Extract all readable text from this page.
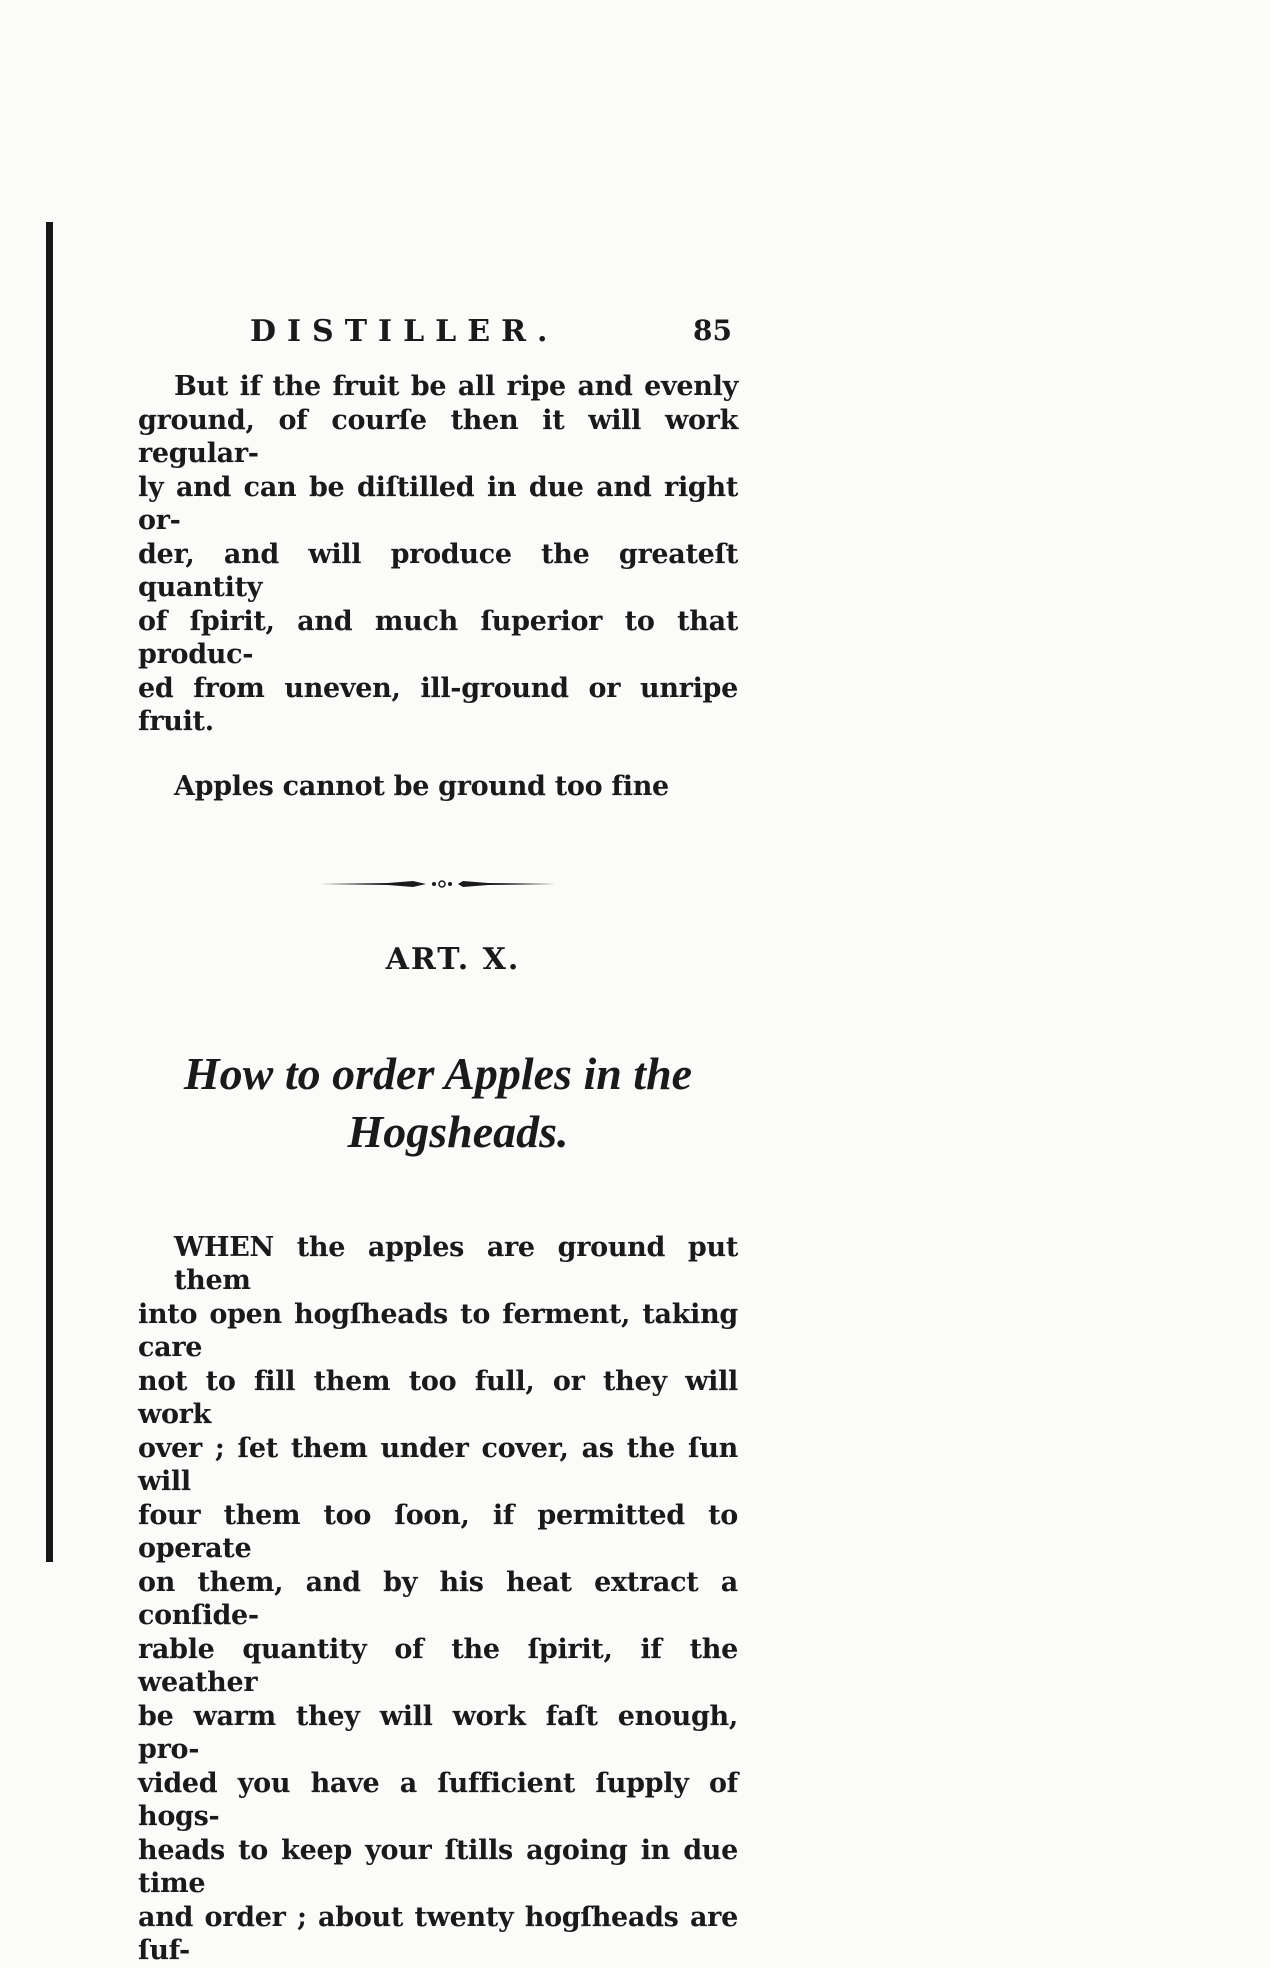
DISTILLER.	85

But if the fruit be all ripe and evenly
ground, of courſe then it will work regular-
ly and can be diſtilled in due and right or-
der, and will produce the greateſt quantity
of ſpirit, and much ſuperior to that produc-
ed from uneven, ill-ground or unripe fruit.

Apples cannot be ground too fine
ART. X.
How to order Apples in the
Hogsheads.

WHEN the apples are ground put them
into open hogſheads to ferment, taking care
not to fill them too full, or they will work
over ; ſet them under cover, as the ſun will
four them too ſoon, if permitted to operate
on them, and by his heat extract a conſide-
rable quantity of the ſpirit, if the weather
be warm they will work faſt enough, pro-
vided you have a ſufficient ſupply of hogs-
heads to keep your ſtills agoing in due time
and order ; about twenty hogſheads are ſuf-
